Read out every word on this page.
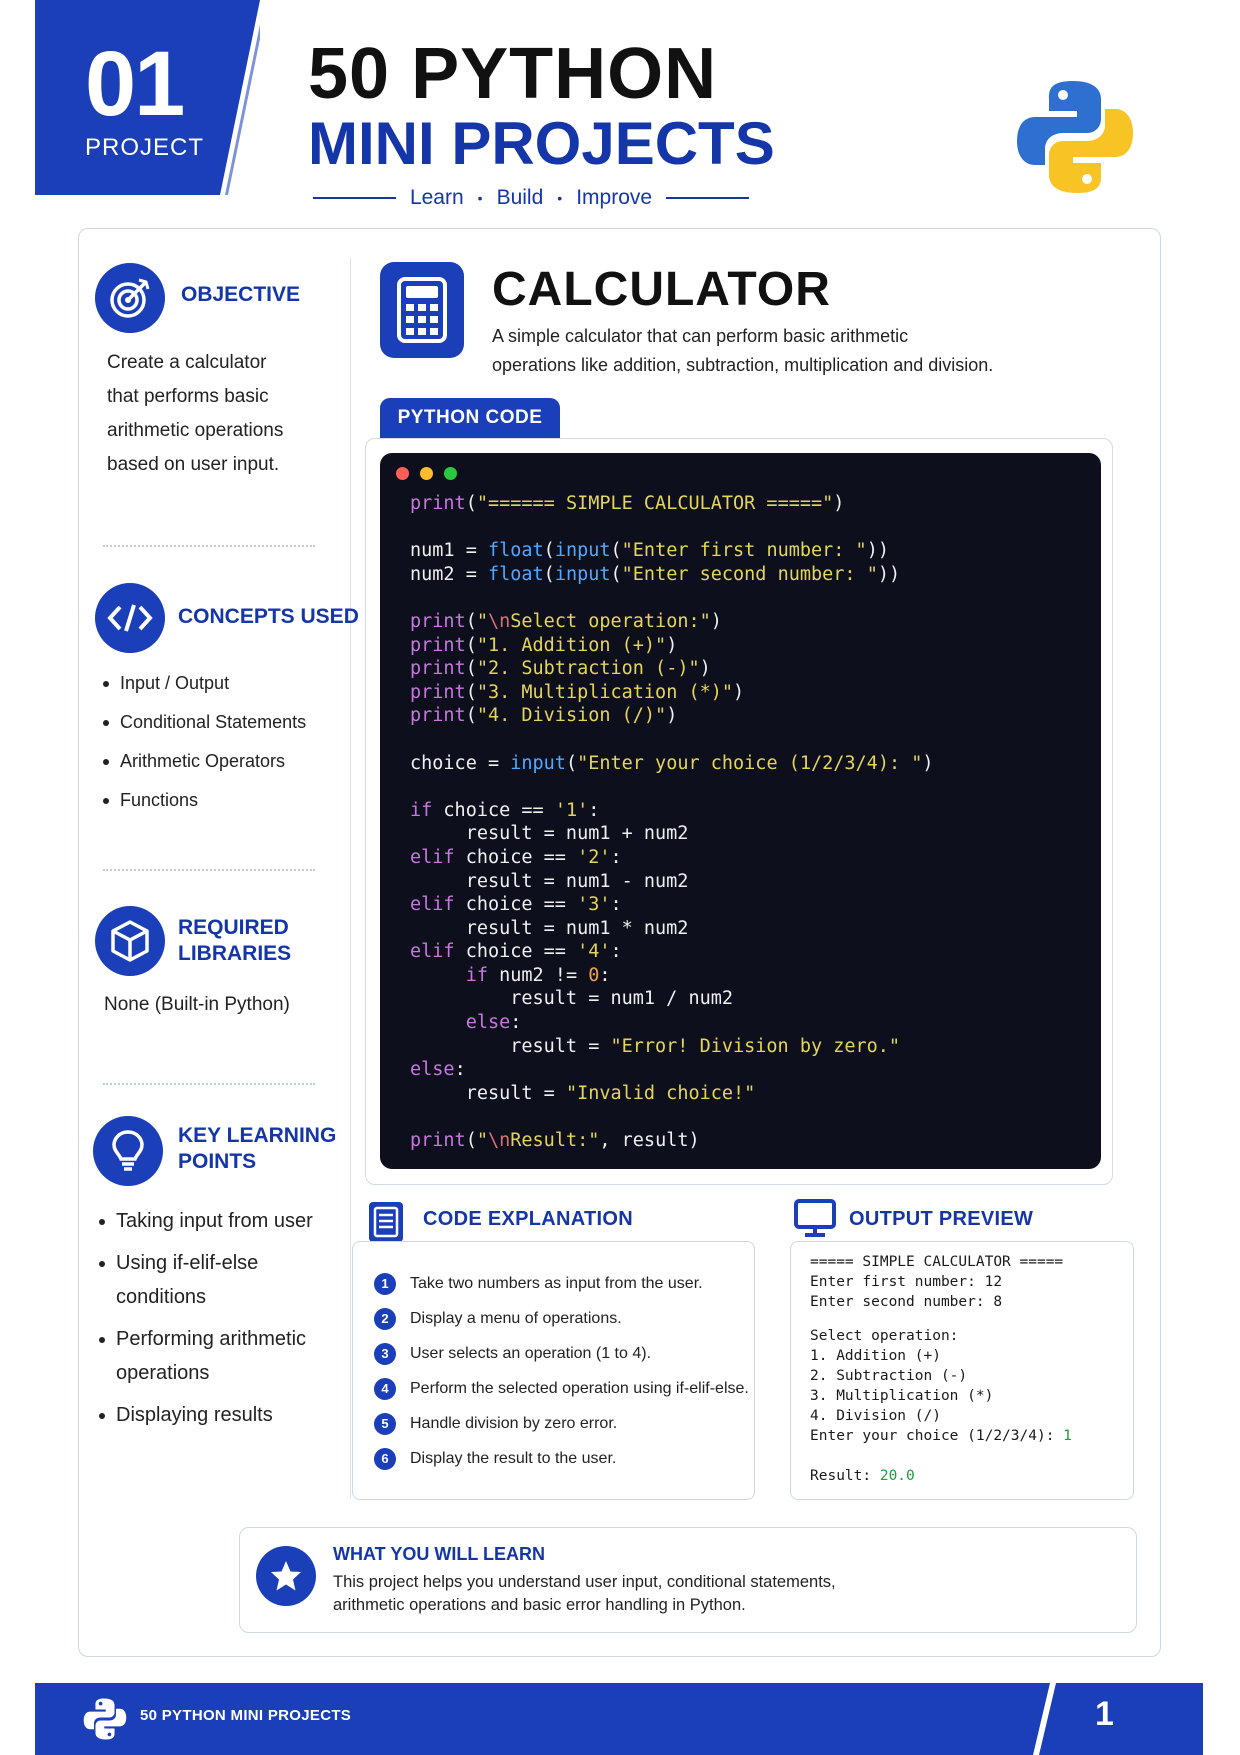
01
PROJECT
50 PYTHON
MINI PROJECTS
Learn • Build • Improve
OBJECTIVE
Create a calculator
that performs basic
arithmetic operations
based on user input.
CONCEPTS USED
Input / Output
Conditional Statements
Arithmetic Operators
Functions
REQUIRED
LIBRARIES
None (Built-in Python)
KEY LEARNING
POINTS
Taking input from user
Using if-elif-else
conditions
Performing arithmetic
operations
Displaying results
CALCULATOR
A simple calculator that can perform basic arithmetic
operations like addition, subtraction, multiplication and division.
PYTHON CODE
print("====== SIMPLE CALCULATOR =====")

num1 = float(input("Enter first number: "))
num2 = float(input("Enter second number: "))

print("\nSelect operation:")
print("1. Addition (+)")
print("2. Subtraction (-)")
print("3. Multiplication (*)")
print("4. Division (/)")

choice = input("Enter your choice (1/2/3/4): ")

if choice == '1':
result = num1 + num2
elif choice == '2':
result = num1 - num2
elif choice == '3':
result = num1 * num2
elif choice == '4':
if num2 != 0:
result = num1 / num2
else:
result = "Error! Division by zero."
else:
result = "Invalid choice!"

print("\nResult:", result)
CODE EXPLANATION
1	Take two numbers as input from the user.
2	Display a menu of operations.
3	User selects an operation (1 to 4).
4	Perform the selected operation using if-elif-else.
5	Handle division by zero error.
6	Display the result to the user.
OUTPUT PREVIEW
===== SIMPLE CALCULATOR =====
Enter first number: 12
Enter second number: 8
Select operation:
1. Addition (+)
2. Subtraction (-)
3. Multiplication (*)
4. Division (/)
Enter your choice (1/2/3/4): 1
Result: 20.0
WHAT YOU WILL LEARN
This project helps you understand user input, conditional statements,
arithmetic operations and basic error handling in Python.
50 PYTHON MINI PROJECTS	1
